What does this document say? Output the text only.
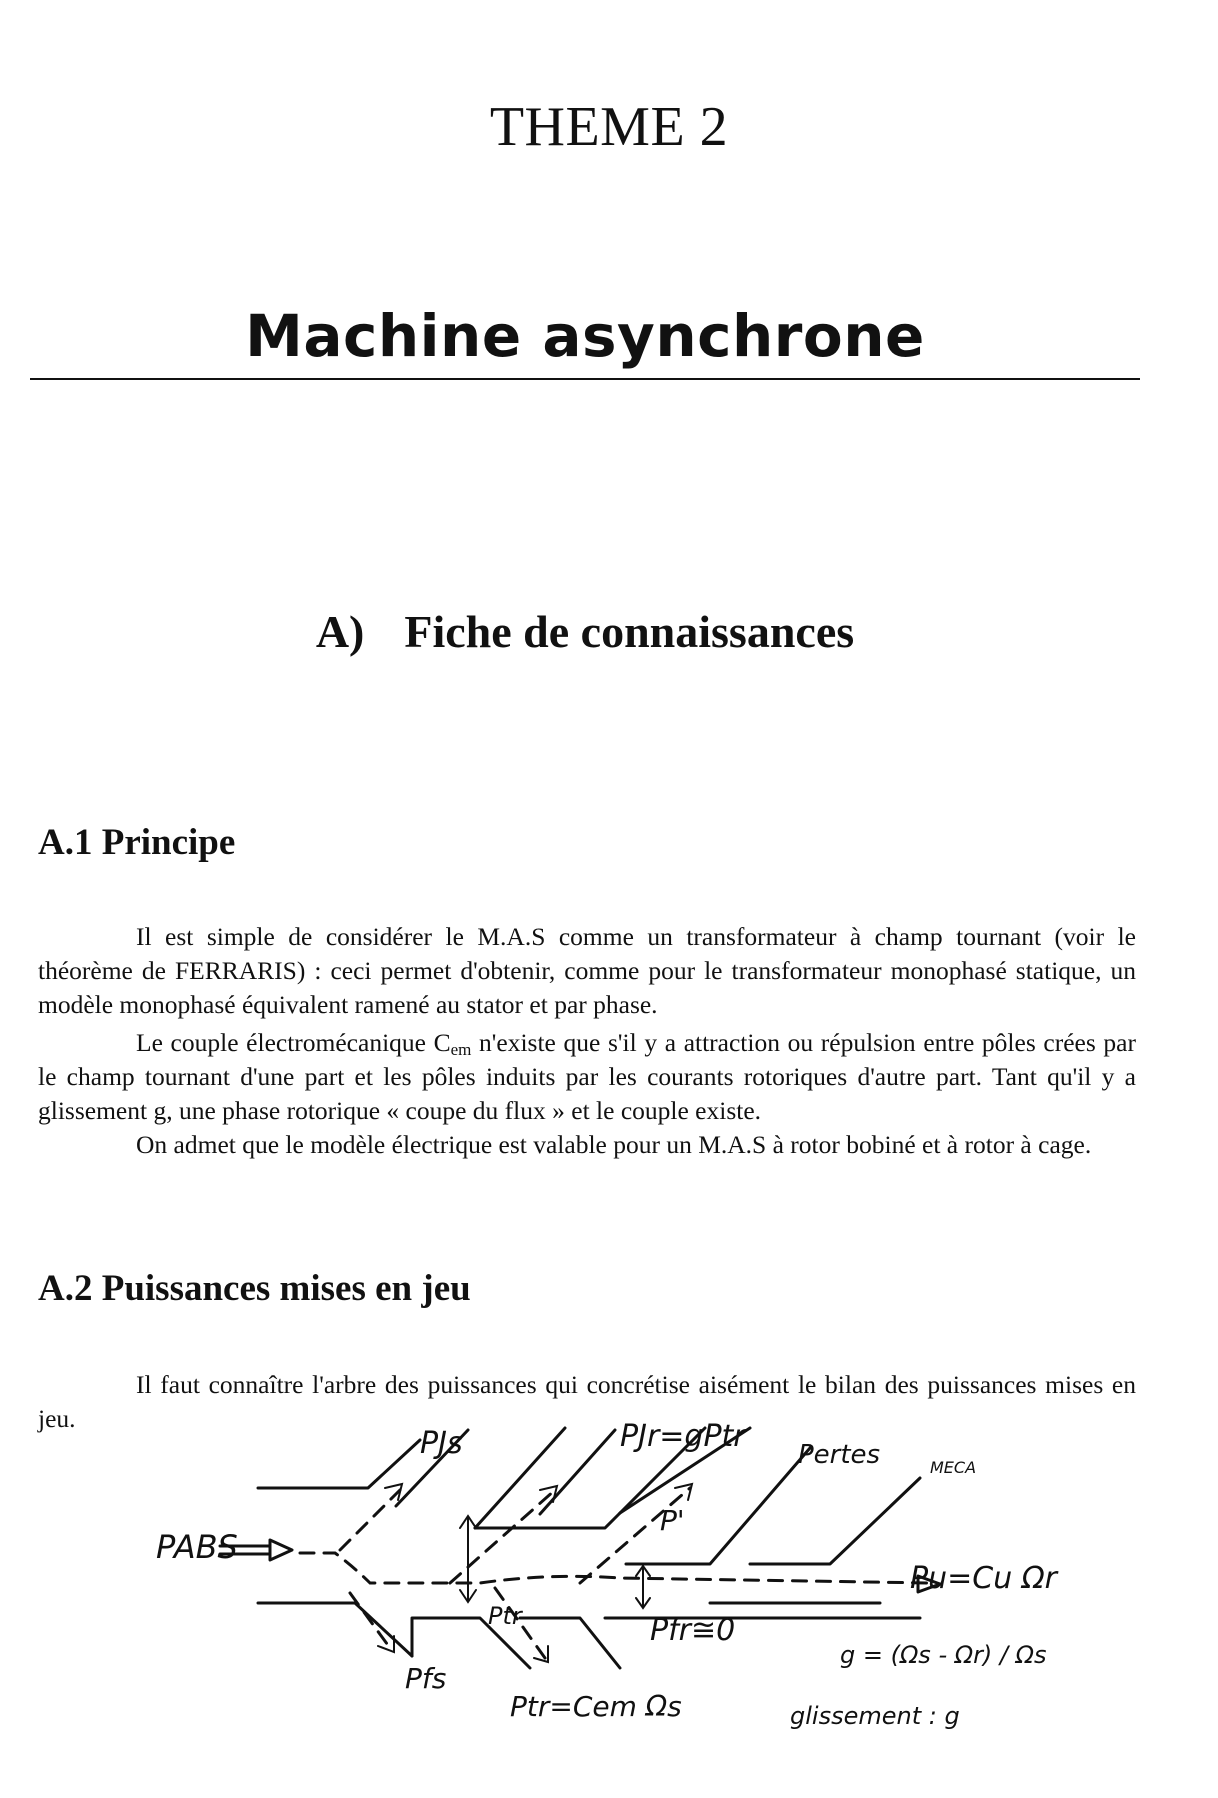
THEME 2
Machine asynchrone
A) Fiche de connaissances
A.1 Principe

Il est simple de considérer le M.A.S comme un transformateur à champ tournant (voir le théorème de FERRARIS) : ceci permet d'obtenir, comme pour le transformateur monophasé statique, un modèle monophasé équivalent ramené au stator et par phase.

Le couple électromécanique $C_{em}$ n'existe que s'il y a attraction ou répulsion entre pôles crées par le champ tournant d'une part et les pôles induits par les courants rotoriques d'autre part. Tant qu'il y a glissement g, une phase rotorique « coupe du flux » et le couple existe.

On admet que le modèle électrique est valable pour un M.A.S à rotor bobiné et à rotor à cage.

A.2 Puissances mises en jeu

Il faut connaître l'arbre des puissances qui concrétise aisément le bilan des puissances mises en jeu.

PABS
PJs	PJr=gPtr
Pertes	MECA
P'
Pu=Cu Ωr
Ptr	Pfr≅0
Pfs
Ptr=Cem Ωs
g = (Ωs - Ωr) / Ωs
glissement : g
